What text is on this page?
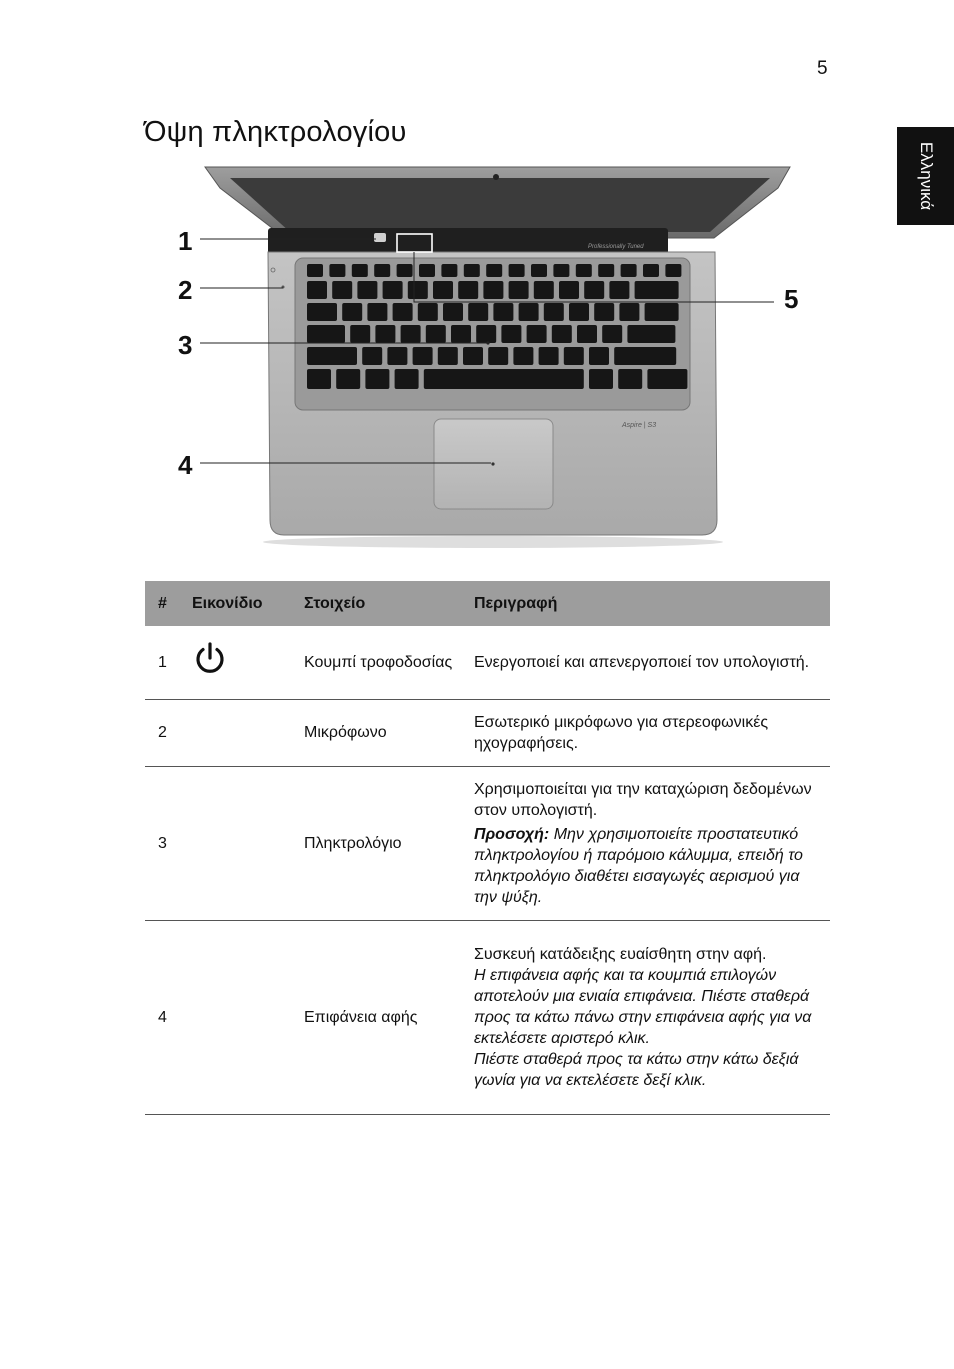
5
Ελληνικά
Όψη πληκτρολογίου
Professionally Tuned
Aspire | S3
1
2
3
4
5
#	Εικονίδιο	Στοιχείο	Περιγραφή
1		Κουμπί τροφοδοσίας	Ενεργοποιεί και απενεργοποιεί τον υπολογιστή.

2		Μικρόφωνο	Εσωτερικό μικρόφωνο για στερεοφωνικές ηχογραφήσεις.

3		Πληκτρολόγιο	Χρησιμοποιείται για την καταχώριση δεδομένων στον υπολογιστή.

Προσοχή: Μην χρησιμοποιείτε προστατευτικό πληκτρολογίου ή παρόμοιο κάλυμμα, επειδή το πληκτρολόγιο διαθέτει εισαγωγές αερισμού για την ψύξη.

4		Επιφάνεια αφής	Συσκευή κατάδειξης ευαίσθητη στην αφή.

Η επιφάνεια αφής και τα κουμπιά επιλογών αποτελούν μια ενιαία επιφάνεια. Πιέστε σταθερά προς τα κάτω πάνω στην επιφάνεια αφής για να εκτελέσετε αριστερό κλικ.
Πιέστε σταθερά προς τα κάτω στην κάτω δεξιά γωνία για να εκτελέσετε δεξί κλικ.
